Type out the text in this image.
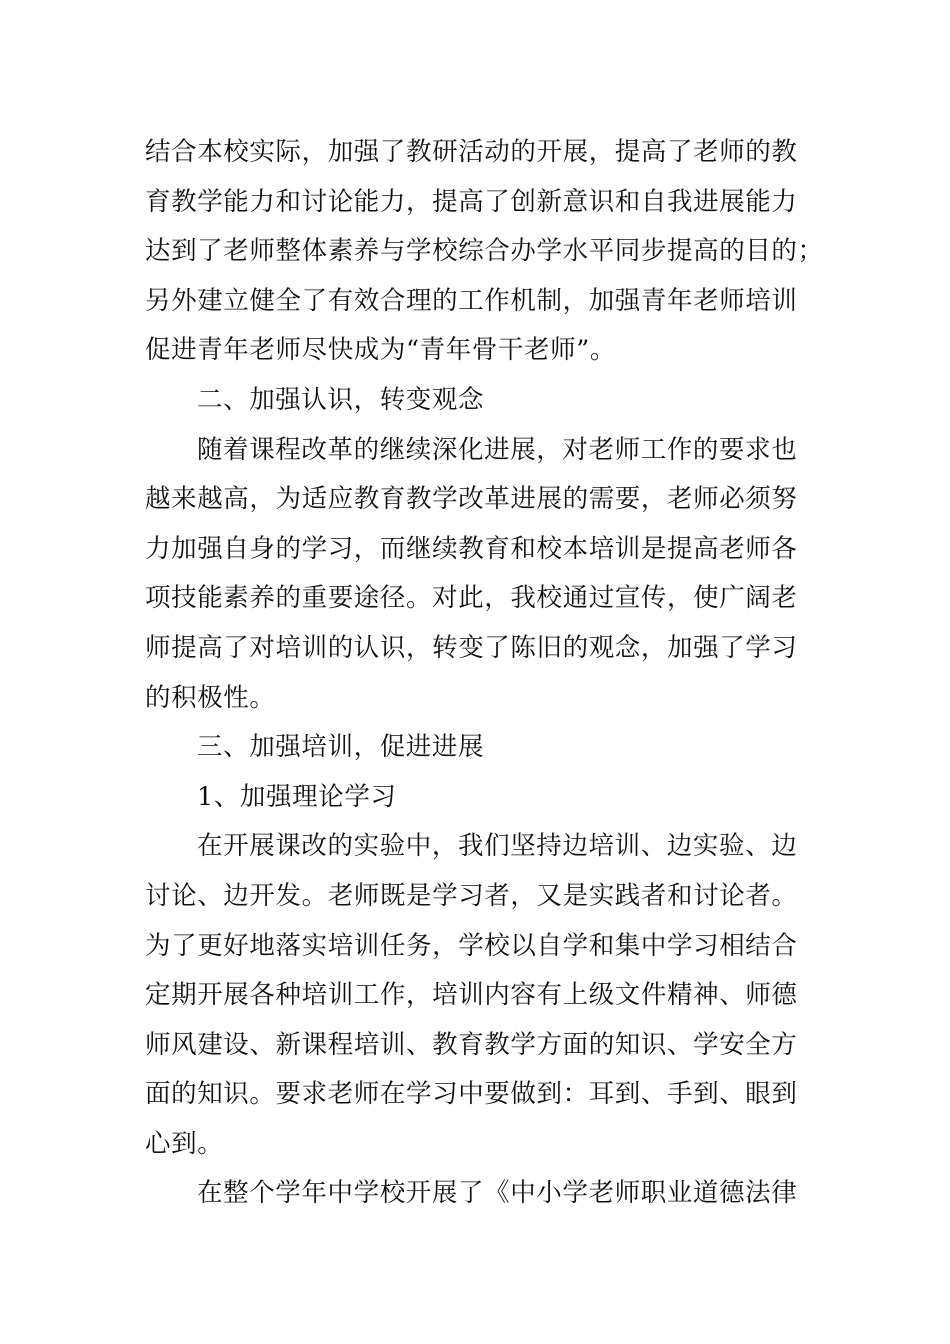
结合本校实际，加强了教研活动的开展，提高了老师的教
育教学能力和讨论能力，提高了创新意识和自我进展能力
达到了老师整体素养与学校综合办学水平同步提高的目的；
另外建立健全了有效合理的工作机制，加强青年老师培训
促进青年老师尽快成为“青年骨干老师”。
二、加强认识，转变观念
随着课程改革的继续深化进展，对老师工作的要求也
越来越高，为适应教育教学改革进展的需要，老师必须努
力加强自身的学习，而继续教育和校本培训是提高老师各
项技能素养的重要途径。对此，我校通过宣传，使广阔老
师提高了对培训的认识，转变了陈旧的观念，加强了学习
的积极性。
三、加强培训，促进进展
1、加强理论学习
在开展课改的实验中，我们坚持边培训、边实验、边
讨论、边开发。老师既是学习者，又是实践者和讨论者。
为了更好地落实培训任务，学校以自学和集中学习相结合
定期开展各种培训工作，培训内容有上级文件精神、师德
师风建设、新课程培训、教育教学方面的知识、学安全方
面的知识。要求老师在学习中要做到：耳到、手到、眼到
心到。
在整个学年中学校开展了《中小学老师职业道德法律
